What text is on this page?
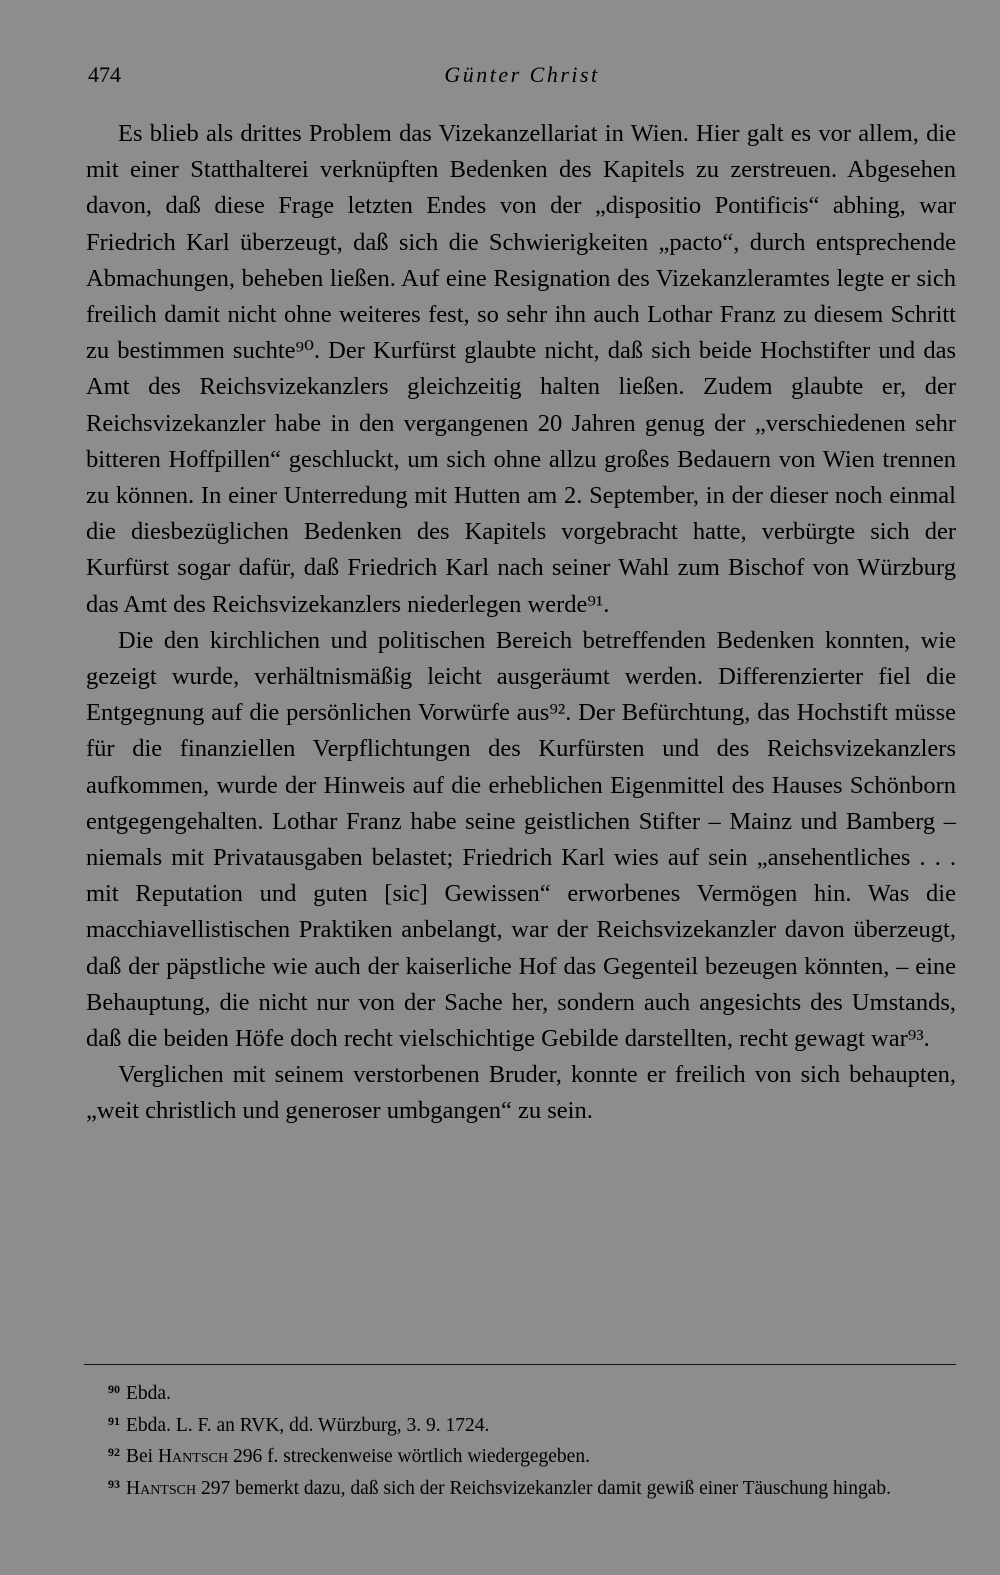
474	Günter Christ

Es blieb als drittes Problem das Vizekanzellariat in Wien. Hier galt es vor allem, die mit einer Statthalterei verknüpften Bedenken des Kapitels zu zerstreuen. Abgesehen davon, daß diese Frage letzten Endes von der „dispositio Pontificis“ abhing, war Friedrich Karl überzeugt, daß sich die Schwierigkeiten „pacto“, durch entsprechende Abmachungen, beheben ließen. Auf eine Resignation des Vizekanzleramtes legte er sich freilich damit nicht ohne weiteres fest, so sehr ihn auch Lothar Franz zu diesem Schritt zu bestimmen suchte⁹⁰. Der Kurfürst glaubte nicht, daß sich beide Hochstifter und das Amt des Reichsvizekanzlers gleichzeitig halten ließen. Zudem glaubte er, der Reichsvizekanzler habe in den vergangenen 20 Jahren genug der „verschiedenen sehr bitteren Hoffpillen“ geschluckt, um sich ohne allzu großes Bedauern von Wien trennen zu können. In einer Unterredung mit Hutten am 2. September, in der dieser noch einmal die diesbezüglichen Bedenken des Kapitels vorgebracht hatte, verbürgte sich der Kurfürst sogar dafür, daß Friedrich Karl nach seiner Wahl zum Bischof von Würzburg das Amt des Reichsvizekanzlers niederlegen werde⁹¹.

Die den kirchlichen und politischen Bereich betreffenden Bedenken konnten, wie gezeigt wurde, verhältnismäßig leicht ausgeräumt werden. Differenzierter fiel die Entgegnung auf die persönlichen Vorwürfe aus⁹². Der Befürchtung, das Hochstift müsse für die finanziellen Verpflichtungen des Kurfürsten und des Reichsvizekanzlers aufkommen, wurde der Hinweis auf die erheblichen Eigenmittel des Hauses Schönborn entgegengehalten. Lothar Franz habe seine geistlichen Stifter – Mainz und Bamberg – niemals mit Privatausgaben belastet; Friedrich Karl wies auf sein „ansehentliches . . . mit Reputation und guten [sic] Gewissen“ erworbenes Vermögen hin. Was die macchiavellistischen Praktiken anbelangt, war der Reichsvizekanzler davon überzeugt, daß der päpstliche wie auch der kaiserliche Hof das Gegenteil bezeugen könnten, – eine Behauptung, die nicht nur von der Sache her, sondern auch angesichts des Umstands, daß die beiden Höfe doch recht vielschichtige Gebilde darstellten, recht gewagt war⁹³.

Verglichen mit seinem verstorbenen Bruder, konnte er freilich von sich behaupten, „weit christlich und generoser umbgangen“ zu sein.

$^{90}$ Ebda.

$^{91}$ Ebda. L. F. an RVK, dd. Würzburg, 3. 9. 1724.

$^{92}$ Bei Hantsch 296 f. streckenweise wörtlich wiedergegeben.

$^{93}$ Hantsch 297 bemerkt dazu, daß sich der Reichsvizekanzler damit gewiß einer Täuschung hingab.
